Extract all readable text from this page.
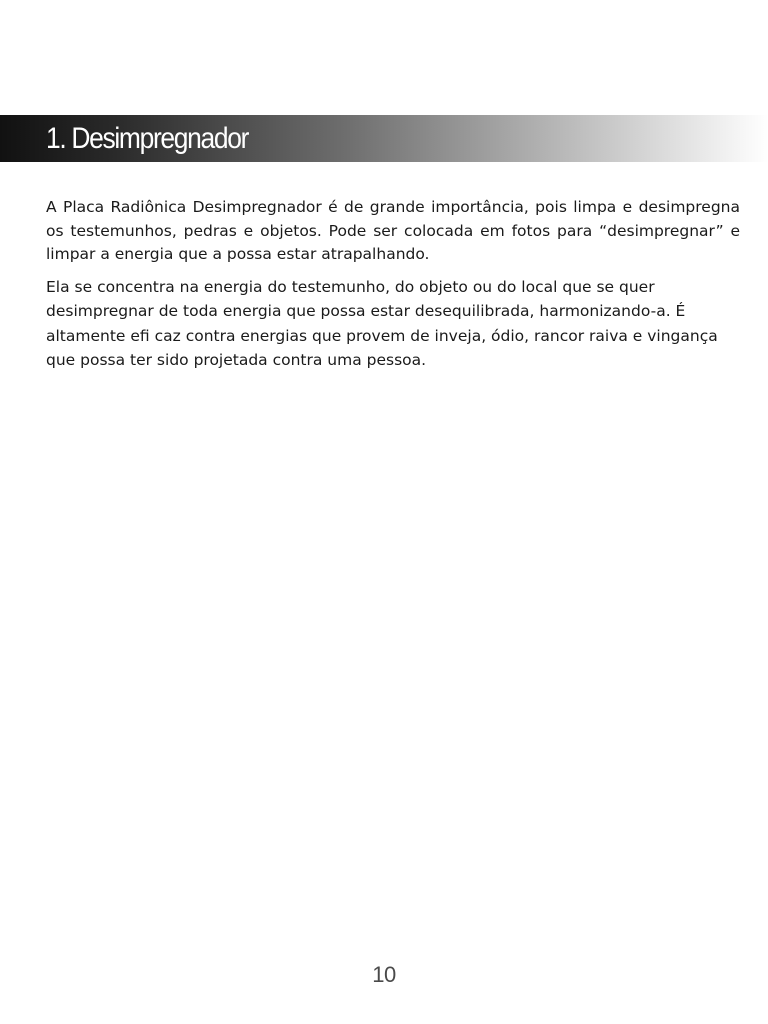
1. Desimpregnador

A Placa Radiônica Desimpregnador é de grande importância, pois limpa e desimpregna os testemunhos, pedras e objetos. Pode ser colocada em fotos para “desimpregnar” e limpar a energia que a possa estar atrapalhando.

Ela se concentra na energia do testemunho, do objeto ou do local que se quer desimpregnar de toda energia que possa estar desequilibrada, harmonizando-a. É altamente efi caz contra energias que provem de inveja, ódio, rancor raiva e vingança que possa ter sido projetada contra uma pessoa.

10
